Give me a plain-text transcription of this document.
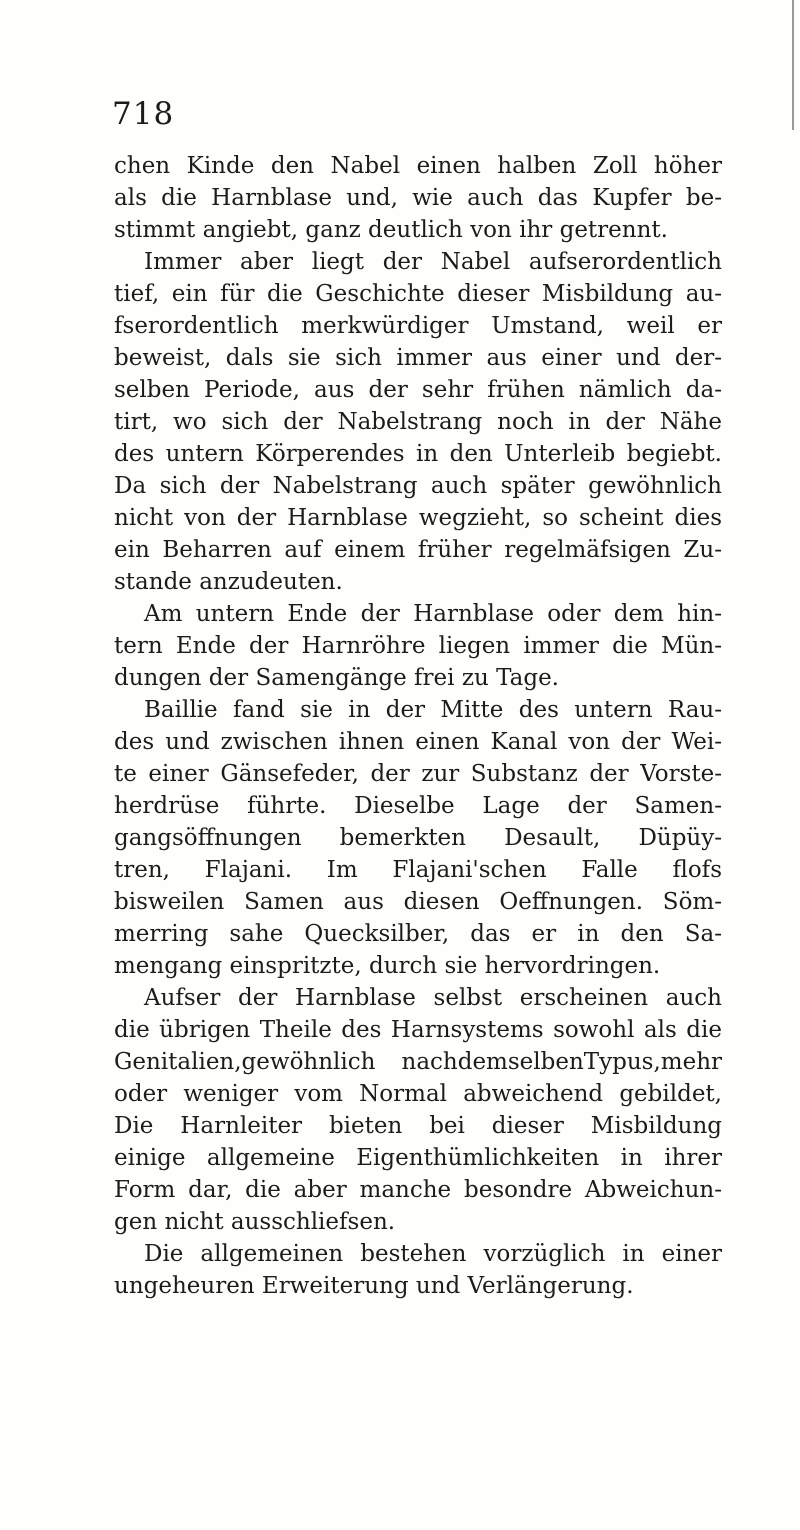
718
chen Kinde den Nabel einen halben Zoll höher
als die Harnblase und, wie auch das Kupfer be-
stimmt angiebt, ganz deutlich von ihr getrennt.
Immer aber liegt der Nabel aufserordentlich
tief, ein für die Geschichte dieser Misbildung au-
fserordentlich merkwürdiger Umstand, weil er
beweist, dals sie sich immer aus einer und der-
selben Periode, aus der sehr frühen nämlich da-
tirt, wo sich der Nabelstrang noch in der Nähe
des untern Körperendes in den Unterleib begiebt.
Da sich der Nabelstrang auch später gewöhnlich
nicht von der Harnblase wegzieht, so scheint dies
ein Beharren auf einem früher regelmäfsigen Zu-
stande anzudeuten.
Am untern Ende der Harnblase oder dem hin-
tern Ende der Harnröhre liegen immer die Mün-
dungen der Samengänge frei zu Tage.
Baillie fand sie in der Mitte des untern Rau-
des und zwischen ihnen einen Kanal von der Wei-
te einer Gänsefeder, der zur Substanz der Vorste-
herdrüse führte. Dieselbe Lage der Samen-
gangsöffnungen bemerkten Desault, Düpüy-
tren, Flajani. Im Flajani'schen Falle flofs
bisweilen Samen aus diesen Oeffnungen. Söm-
merring sahe Quecksilber, das er in den Sa-
mengang einspritzte, durch sie hervordringen.
Aufser der Harnblase selbst erscheinen auch
die übrigen Theile des Harnsystems sowohl als die
Genitalien,gewöhnlich nachdemselbenTypus,mehr
oder weniger vom Normal abweichend gebildet,
Die Harnleiter bieten bei dieser Misbildung
einige allgemeine Eigenthümlichkeiten in ihrer
Form dar, die aber manche besondre Abweichun-
gen nicht ausschliefsen.
Die allgemeinen bestehen vorzüglich in einer
ungeheuren Erweiterung und Verlängerung.
